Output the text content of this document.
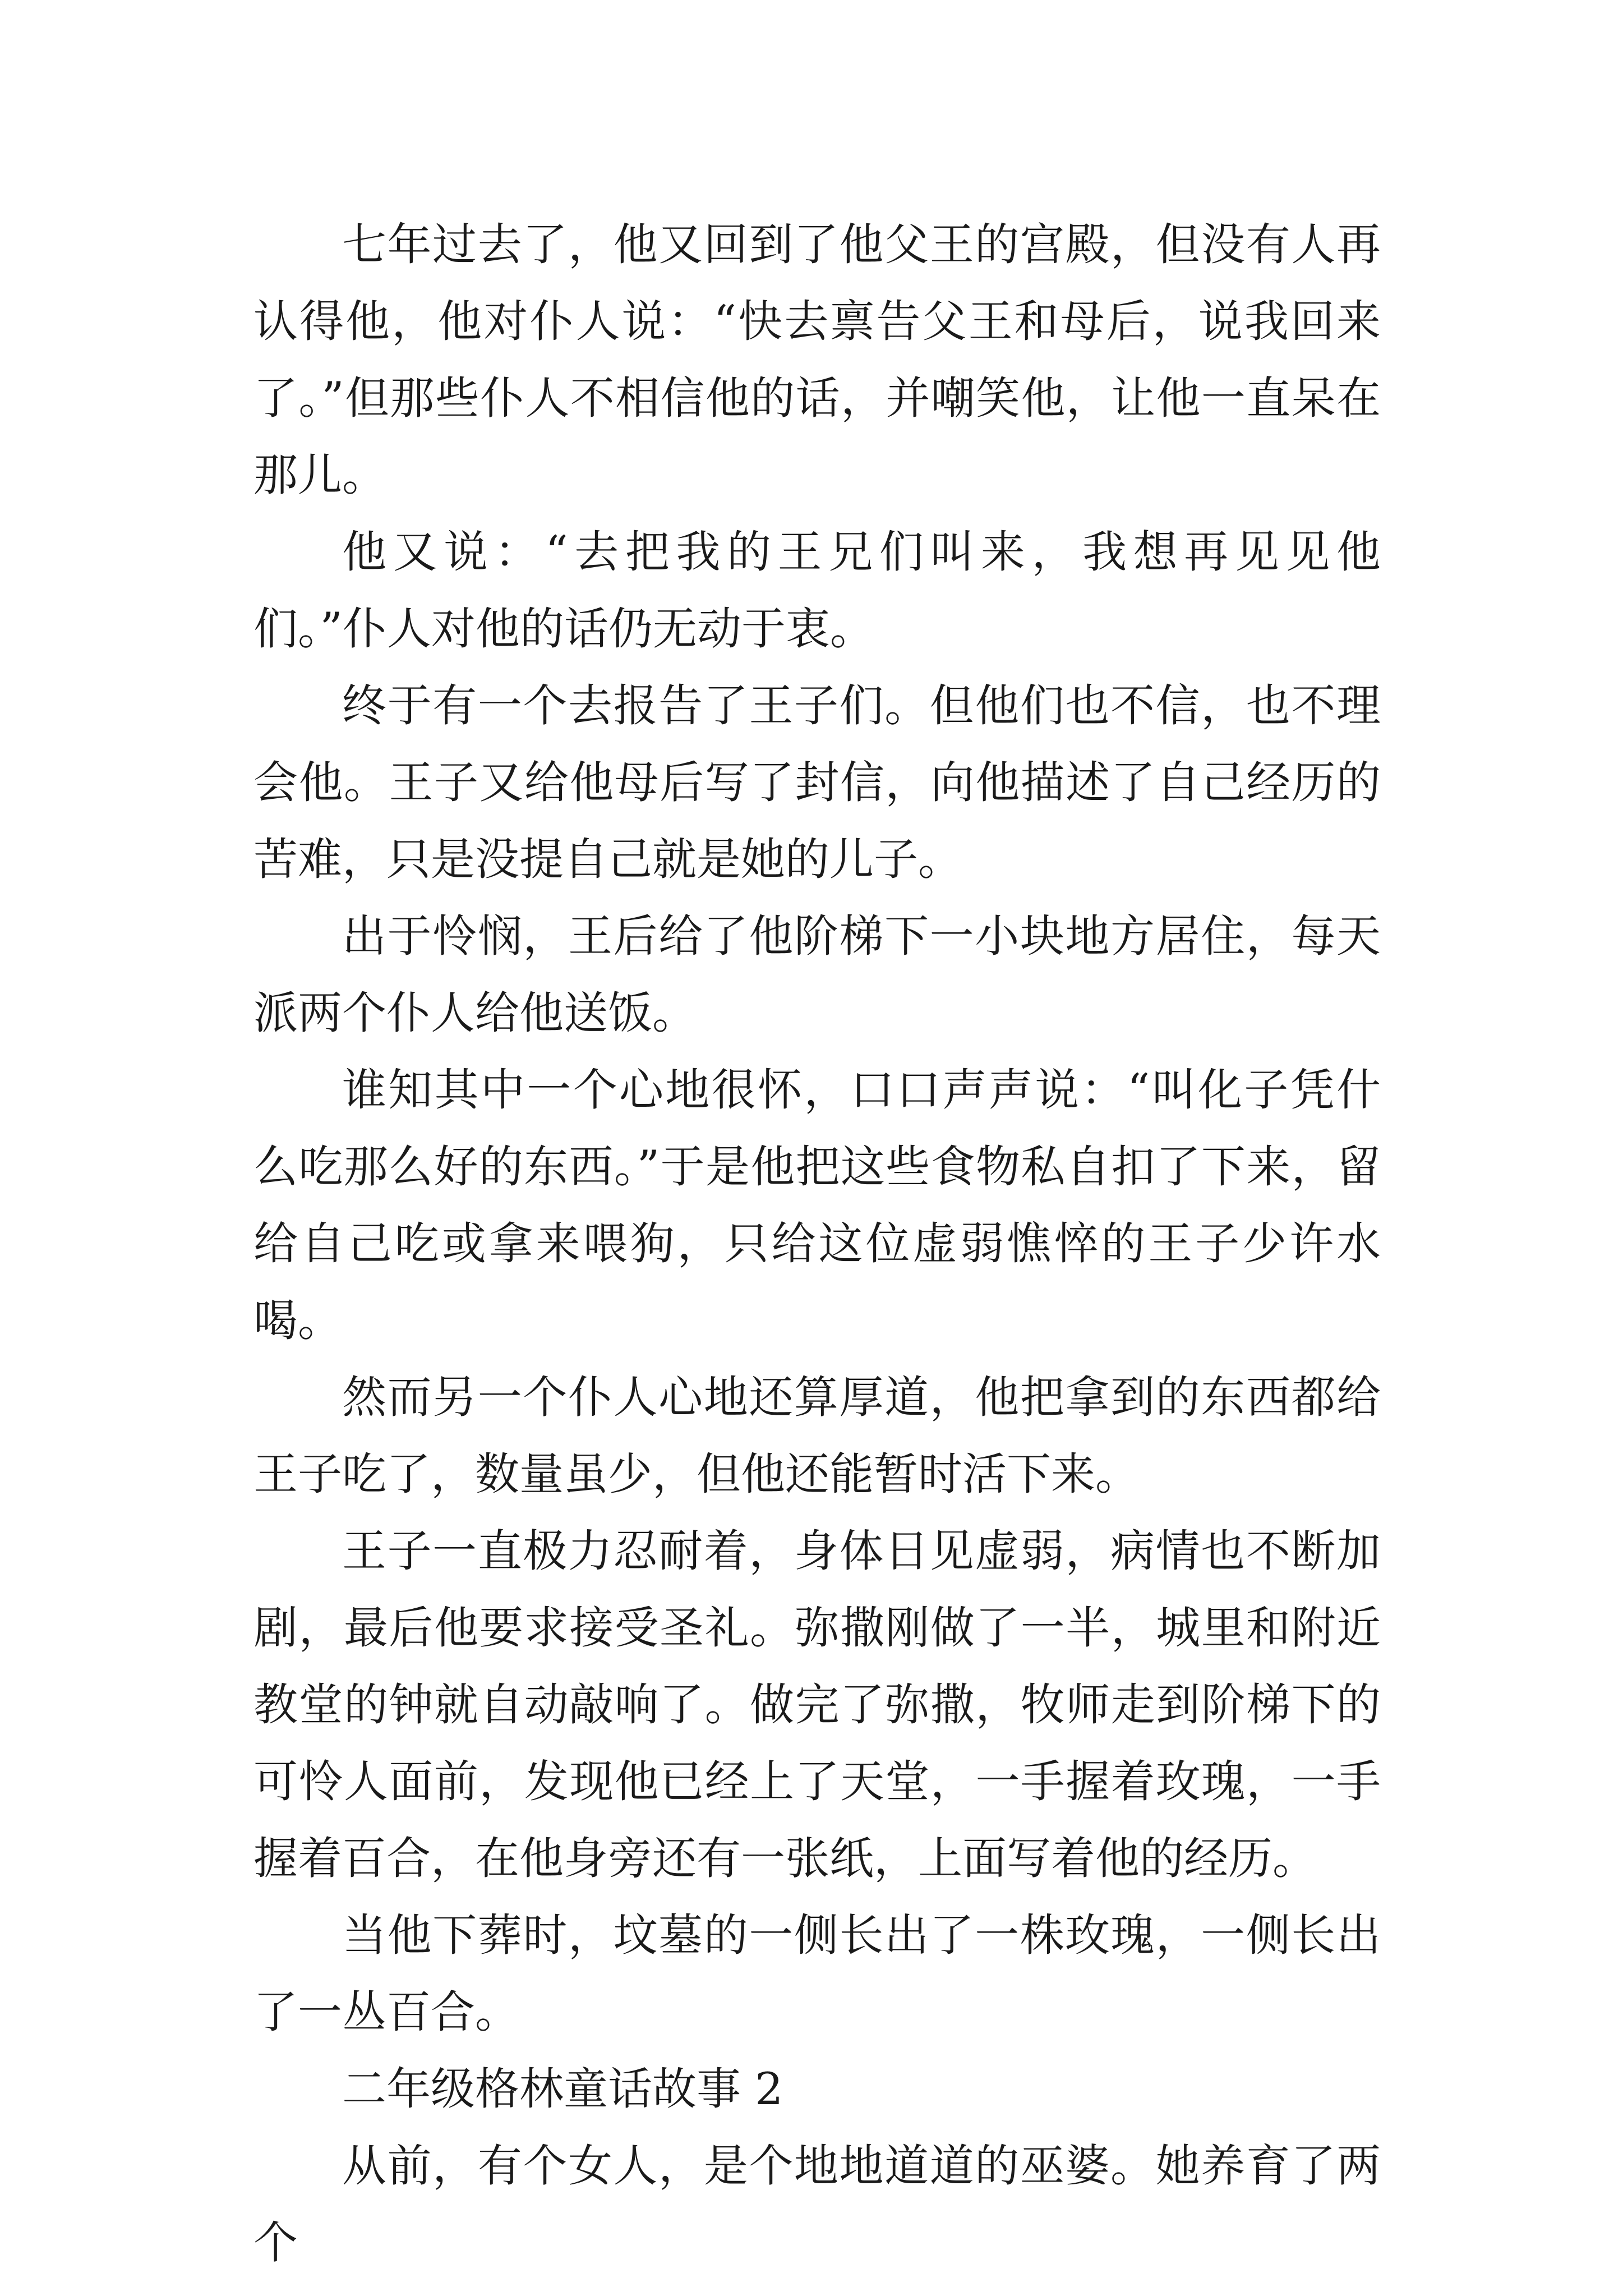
七年过去了，他又回到了他父王的宫殿，但没有人再认得他，他对仆人说：“快去禀告父王和母后，说我回来了。”但那些仆人不相信他的话，并嘲笑他，让他一直呆在那儿。

他又说：“去把我的王兄们叫来，我想再见见他们。”仆人对他的话仍无动于衷。

终于有一个去报告了王子们。但他们也不信，也不理会他。王子又给他母后写了封信，向他描述了自己经历的苦难，只是没提自己就是她的儿子。

出于怜悯，王后给了他阶梯下一小块地方居住，每天派两个仆人给他送饭。

谁知其中一个心地很怀，口口声声说：“叫化子凭什么吃那么好的东西。”于是他把这些食物私自扣了下来，留给自己吃或拿来喂狗，只给这位虚弱憔悴的王子少许水喝。

然而另一个仆人心地还算厚道，他把拿到的东西都给王子吃了，数量虽少，但他还能暂时活下来。

王子一直极力忍耐着，身体日见虚弱，病情也不断加剧，最后他要求接受圣礼。弥撒刚做了一半，城里和附近教堂的钟就自动敲响了。做完了弥撒，牧师走到阶梯下的可怜人面前，发现他已经上了天堂，一手握着玫瑰，一手握着百合，在他身旁还有一张纸，上面写着他的经历。

当他下葬时，坟墓的一侧长出了一株玫瑰，一侧长出了一丛百合。

二年级格林童话故事 2

从前，有个女人，是个地地道道的巫婆。她养育了两个
